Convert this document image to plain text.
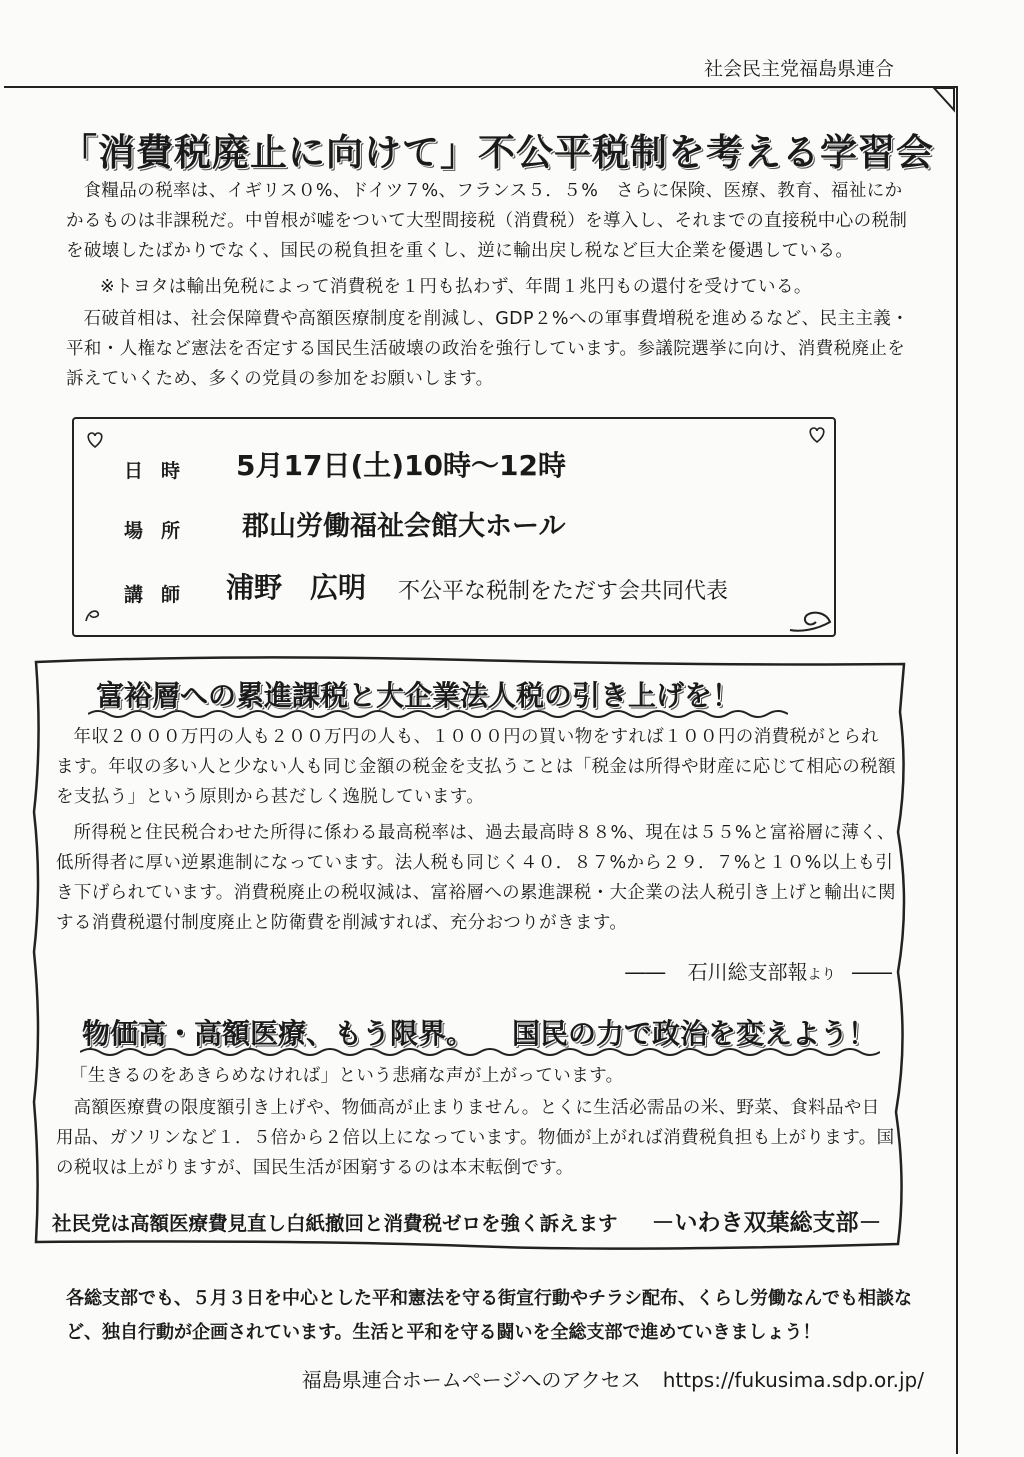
社会民主党福島県連合
「消費税廃止に向けて」不公平税制を考える学習会
食糧品の税率は、イギリス０%、ドイツ７%、フランス５．５%　さらに保険、医療、教育、福祉にかかるものは非課税だ。中曽根が嘘をついて大型間接税（消費税）を導入し、それまでの直接税中心の税制を破壊したばかりでなく、国民の税負担を重くし、逆に輸出戻し税など巨大企業を優遇している。
※トヨタは輸出免税によって消費税を１円も払わず、年間１兆円もの還付を受けている。
石破首相は、社会保障費や高額医療制度を削減し、GDP２%への軍事費増税を進めるなど、民主主義・平和・人権など憲法を否定する国民生活破壊の政治を強行しています。参議院選挙に向け、消費税廃止を訴えていくため、多くの党員の参加をお願いします。
日時 5月17日(土)10時～12時
場所 郡山労働福祉会館大ホール
講師 浦野　広明 不公平な税制をただす会共同代表
富裕層への累進課税と大企業法人税の引き上げを！
年収２０００万円の人も２００万円の人も、１０００円の買い物をすれば１００円の消費税がとられます。年収の多い人と少ない人も同じ金額の税金を支払うことは「税金は所得や財産に応じて相応の税額を支払う」という原則から甚だしく逸脱しています。
所得税と住民税合わせた所得に係わる最高税率は、過去最高時８８%、現在は５５%と富裕層に薄く、低所得者に厚い逆累進制になっています。法人税も同じく４０．８７%から２９．７%と１０%以上も引き下げられています。消費税廃止の税収減は、富裕層への累進課税・大企業の法人税引き上げと輸出に関する消費税還付制度廃止と防衛費を削減すれば、充分おつりがきます。
―― 石川総支部報より ――
物価高・高額医療、もう限界。 国民の力で政治を変えよう！
「生きるのをあきらめなければ」という悲痛な声が上がっています。
高額医療費の限度額引き上げや、物価高が止まりません。とくに生活必需品の米、野菜、食料品や日用品、ガソリンなど１．５倍から２倍以上になっています。物価が上がれば消費税負担も上がります。国の税収は上がりますが、国民生活が困窮するのは本末転倒です。
社民党は高額医療費見直し白紙撤回と消費税ゼロを強く訴えます －いわき双葉総支部－
各総支部でも、５月３日を中心とした平和憲法を守る街宣行動やチラシ配布、くらし労働なんでも相談など、独自行動が企画されています。生活と平和を守る闘いを全総支部で進めていきましょう！
福島県連合ホームページへのアクセス https://fukusima.sdp.or.jp/
